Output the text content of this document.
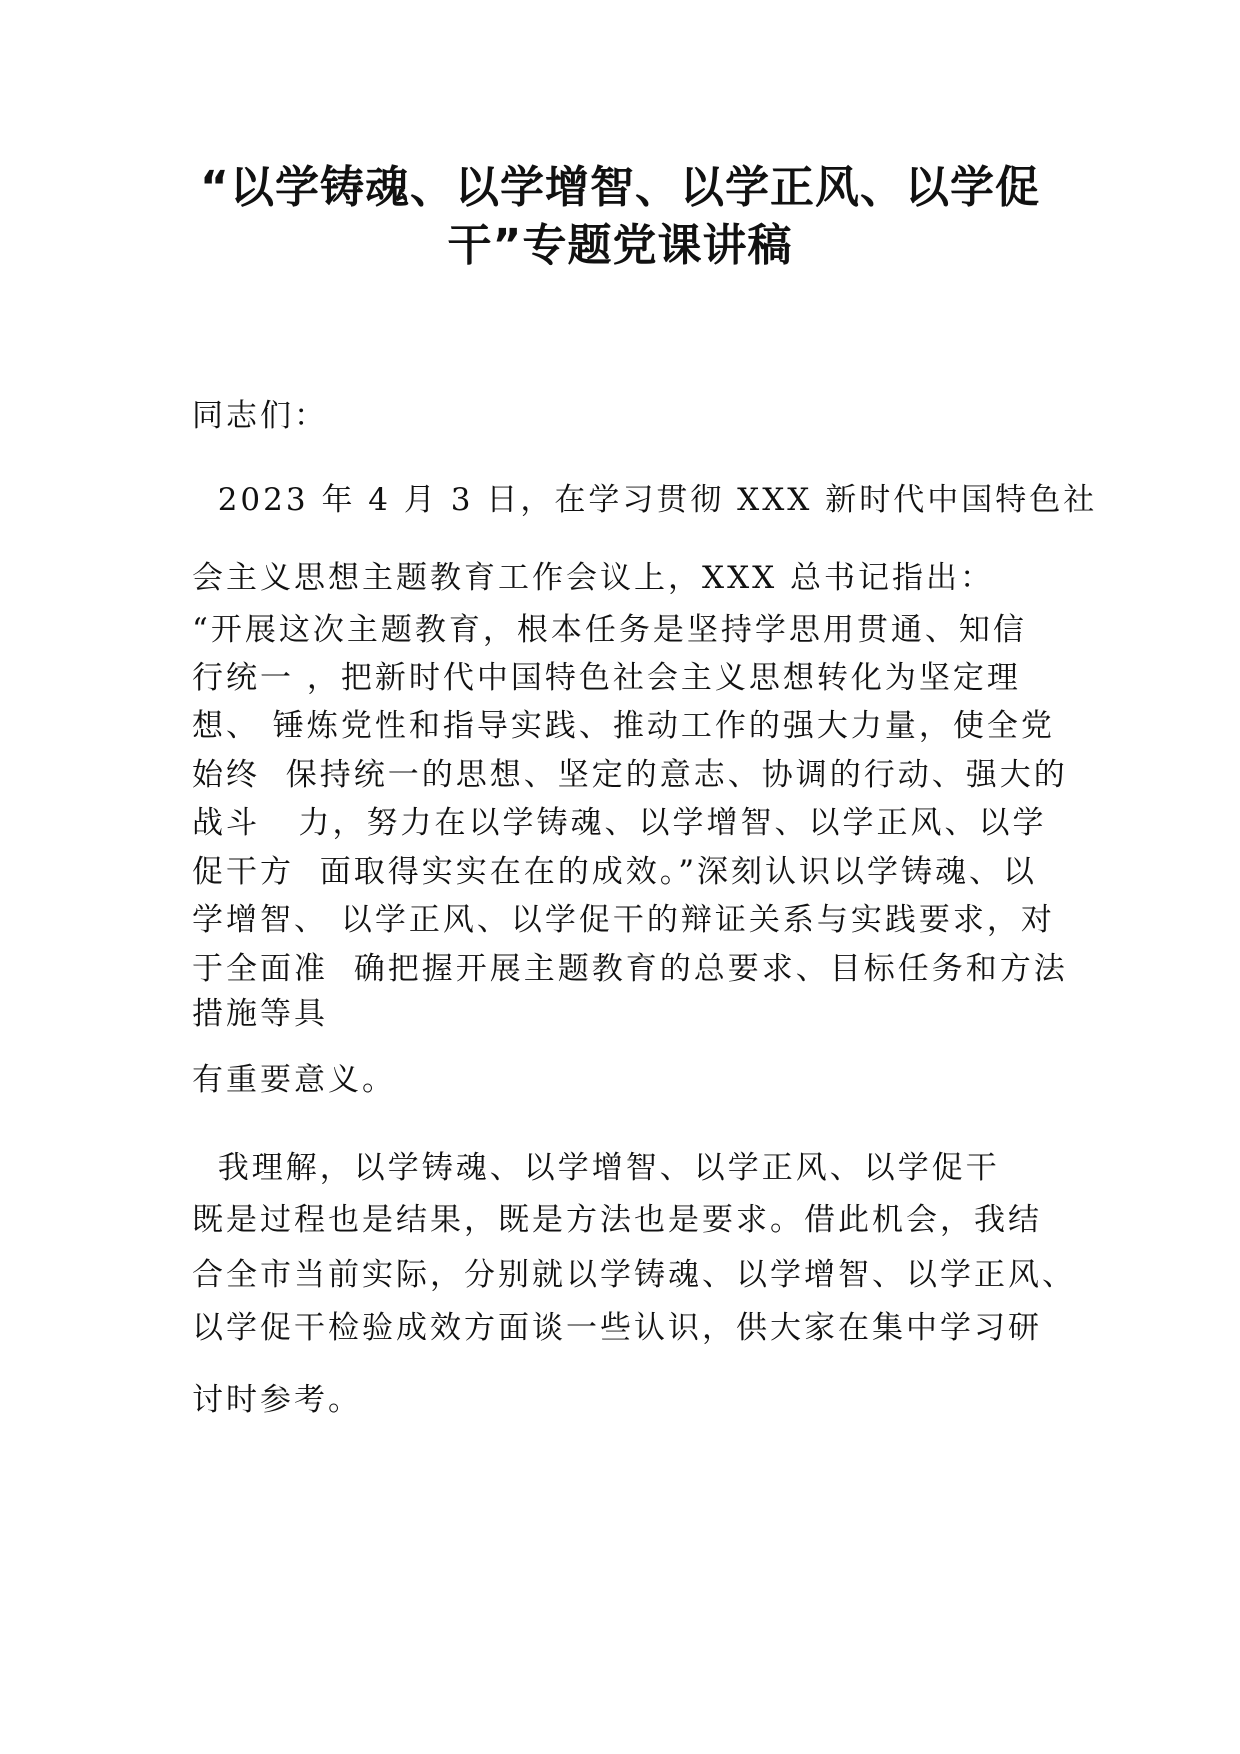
“以学铸魂、以学增智、以学正风、以学促
干”专题党课讲稿
同志们：
2023 年 4 月 3 日，在学习贯彻 XXX 新时代中国特色社
会主义思想主题教育工作会议上，XXX 总书记指出：
“开展这次主题教育，根本任务是坚持学思用贯通、知信
行统一 ，把新时代中国特色社会主义思想转化为坚定理
想、 锤炼党性和指导实践、推动工作的强大力量，使全党
始终  保持统一的思想、坚定的意志、协调的行动、强大的
战斗   力，努力在以学铸魂、以学增智、以学正风、以学
促干方  面取得实实在在的成效。”深刻认识以学铸魂、以
学增智、 以学正风、以学促干的辩证关系与实践要求，对
于全面准  确把握开展主题教育的总要求、目标任务和方法
措施等具
有重要意义。
我理解，以学铸魂、以学增智、以学正风、以学促干
既是过程也是结果，既是方法也是要求。借此机会，我结
合全市当前实际，分别就以学铸魂、以学增智、以学正风、
以学促干检验成效方面谈一些认识，供大家在集中学习研
讨时参考。
